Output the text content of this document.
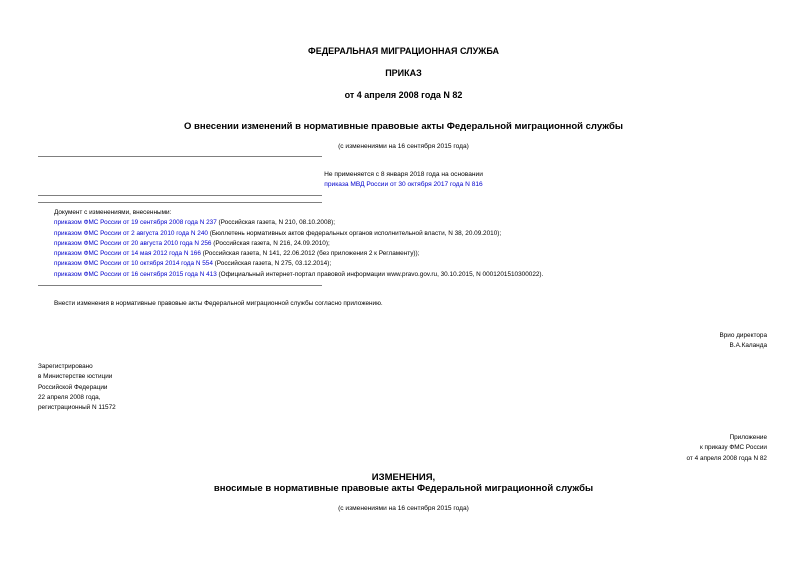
ФЕДЕРАЛЬНАЯ МИГРАЦИОННАЯ СЛУЖБА
ПРИКАЗ
от 4 апреля 2008 года N 82
О внесении изменений в нормативные правовые акты Федеральной миграционной службы
(с изменениями на 16 сентября 2015 года)
Не применяется с 8 января 2018 года на основании
приказа МВД России от 30 октября 2017 года N 816
Документ с изменениями, внесенными:
приказом ФМС России от 19 сентября 2008 года N 237 (Российская газета, N 210, 08.10.2008);
приказом ФМС России от 2 августа 2010 года N 240 (Бюллетень нормативных актов федеральных органов исполнительной власти, N 38, 20.09.2010);
приказом ФМС России от 20 августа 2010 года N 256 (Российская газета, N 216, 24.09.2010);
приказом ФМС России от 14 мая 2012 года N 166 (Российская газета, N 141, 22.06.2012 (без приложения 2 к Регламенту));
приказом ФМС России от 10 октября 2014 года N 554 (Российская газета, N 275, 03.12.2014);
приказом ФМС России от 16 сентября 2015 года N 413 (Официальный интернет-портал правовой информации www.pravo.gov.ru, 30.10.2015, N 0001201510300022).
Внести изменения в нормативные правовые акты Федеральной миграционной службы согласно приложению.
Врио директора
В.А.Каланда
Зарегистрировано
в Министерстве юстиции
Российской Федерации
22 апреля 2008 года,
регистрационный N 11572
Приложение
к приказу ФМС России
от 4 апреля 2008 года N 82
ИЗМЕНЕНИЯ,
вносимые в нормативные правовые акты Федеральной миграционной службы
(с изменениями на 16 сентября 2015 года)
